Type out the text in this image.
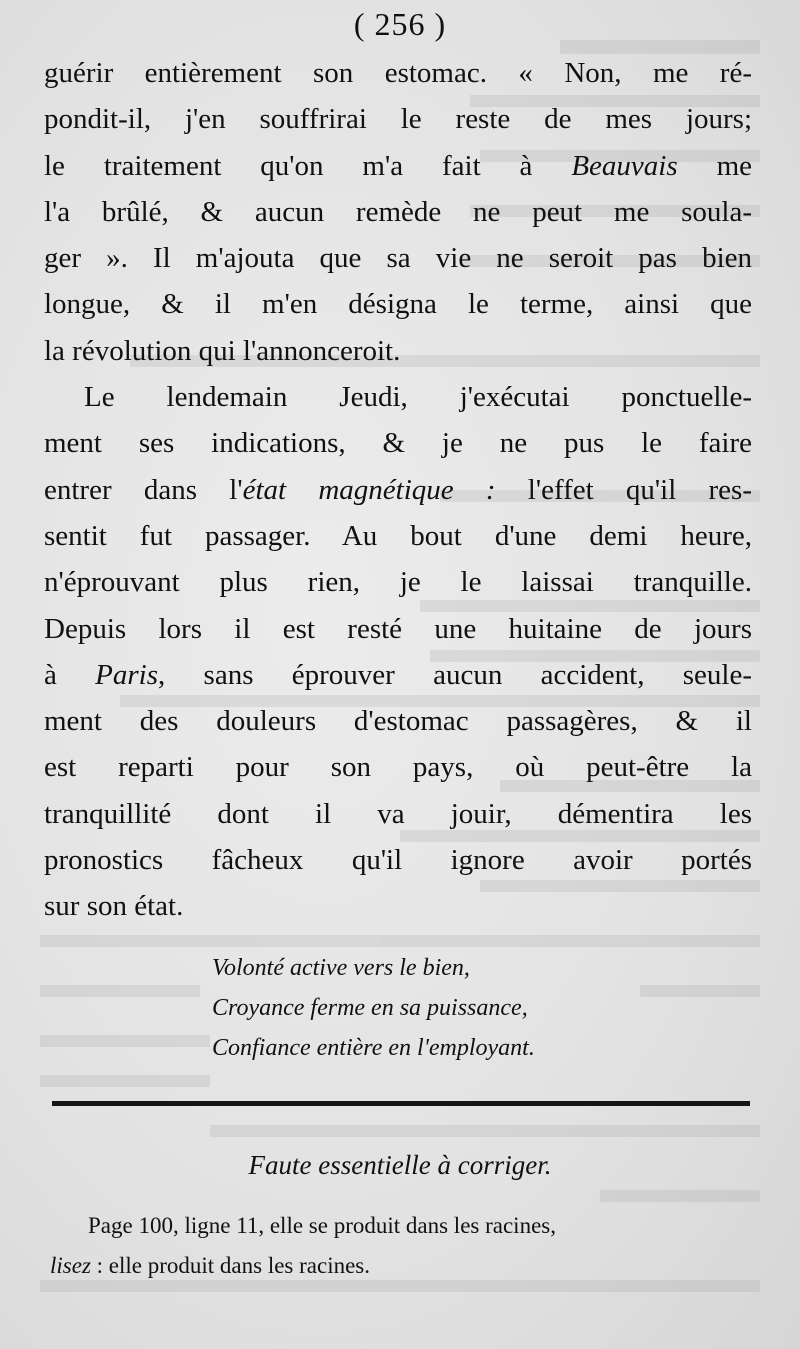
( 256 )
guérir entièrement son estomac. « Non, me ré-
pondit-il, j'en souffrirai le reste de mes jours;
le traitement qu'on m'a fait à Beauvais me
l'a brûlé, & aucun remède ne peut me soula-
ger ». Il m'ajouta que sa vie ne seroit pas bien
longue, & il m'en désigna le terme, ainsi que
la révolution qui l'annonceroit.
Le lendemain Jeudi, j'exécutai ponctuelle-
ment ses indications, & je ne pus le faire
entrer dans l'état magnétique : l'effet qu'il res-
sentit fut passager. Au bout d'une demi heure,
n'éprouvant plus rien, je le laissai tranquille.
Depuis lors il est resté une huitaine de jours
à Paris, sans éprouver aucun accident, seule-
ment des douleurs d'estomac passagères, & il
est reparti pour son pays, où peut-être la
tranquillité dont il va jouir, démentira les
pronostics fâcheux qu'il ignore avoir portés
sur son état.
Volonté active vers le bien,
Croyance ferme en sa puissance,
Confiance entière en l'employant.
Faute essentielle à corriger.
Page 100, ligne 11, elle se produit dans les racines,
lisez : elle produit dans les racines.
